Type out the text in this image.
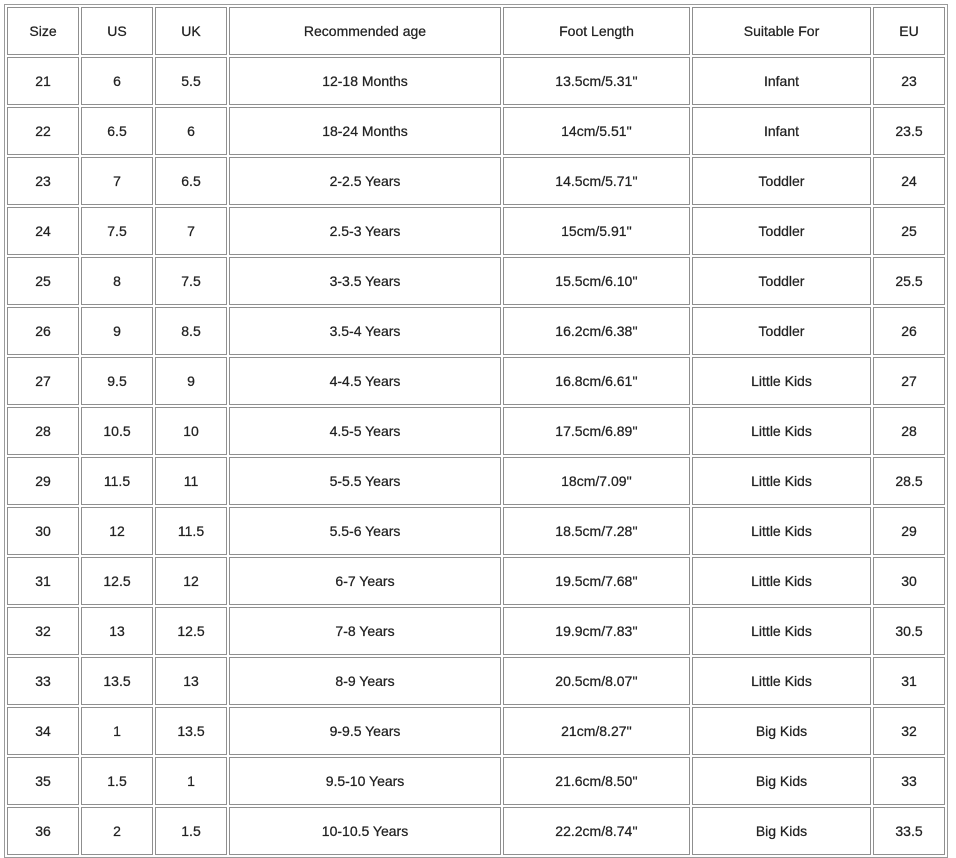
Size	US	UK	Recommended age	Foot Length	Suitable For	EU
21	6	5.5	12-18 Months	13.5cm/5.31''	Infant	23
22	6.5	6	18-24 Months	14cm/5.51''	Infant	23.5
23	7	6.5	2-2.5 Years	14.5cm/5.71''	Toddler	24
24	7.5	7	2.5-3 Years	15cm/5.91''	Toddler	25
25	8	7.5	3-3.5 Years	15.5cm/6.10''	Toddler	25.5
26	9	8.5	3.5-4 Years	16.2cm/6.38''	Toddler	26
27	9.5	9	4-4.5 Years	16.8cm/6.61''	Little Kids	27
28	10.5	10	4.5-5 Years	17.5cm/6.89''	Little Kids	28
29	11.5	11	5-5.5 Years	18cm/7.09''	Little Kids	28.5
30	12	11.5	5.5-6 Years	18.5cm/7.28''	Little Kids	29
31	12.5	12	6-7 Years	19.5cm/7.68''	Little Kids	30
32	13	12.5	7-8 Years	19.9cm/7.83''	Little Kids	30.5
33	13.5	13	8-9 Years	20.5cm/8.07''	Little Kids	31
34	1	13.5	9-9.5 Years	21cm/8.27''	Big Kids	32
35	1.5	1	9.5-10 Years	21.6cm/8.50''	Big Kids	33
36	2	1.5	10-10.5 Years	22.2cm/8.74''	Big Kids	33.5
